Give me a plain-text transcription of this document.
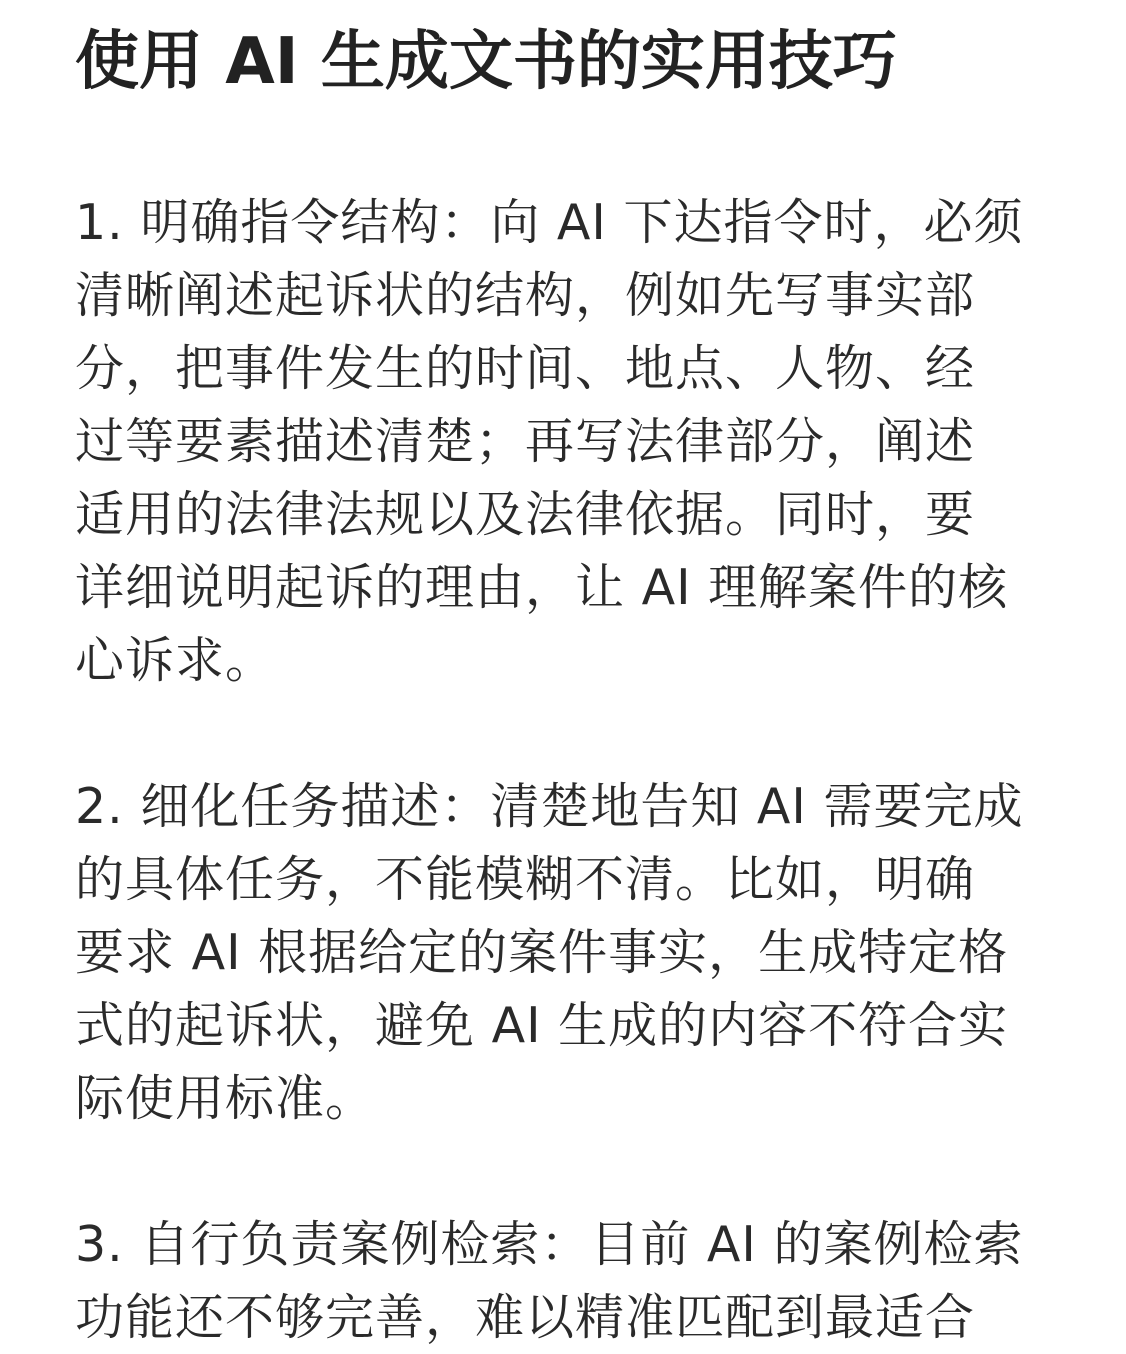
使用 AI 生成文书的实用技巧
1. 明确指令结构：向 AI 下达指令时，必须
清晰阐述起诉状的结构，例如先写事实部
分，把事件发生的时间、地点、人物、经
过等要素描述清楚；再写法律部分，阐述
适用的法律法规以及法律依据。同时，要
详细说明起诉的理由，让 AI 理解案件的核
心诉求。
2. 细化任务描述：清楚地告知 AI 需要完成
的具体任务，不能模糊不清。比如，明确
要求 AI 根据给定的案件事实，生成特定格
式的起诉状，避免 AI 生成的内容不符合实
际使用标准。
3. 自行负责案例检索：目前 AI 的案例检索
功能还不够完善，难以精准匹配到最适合
